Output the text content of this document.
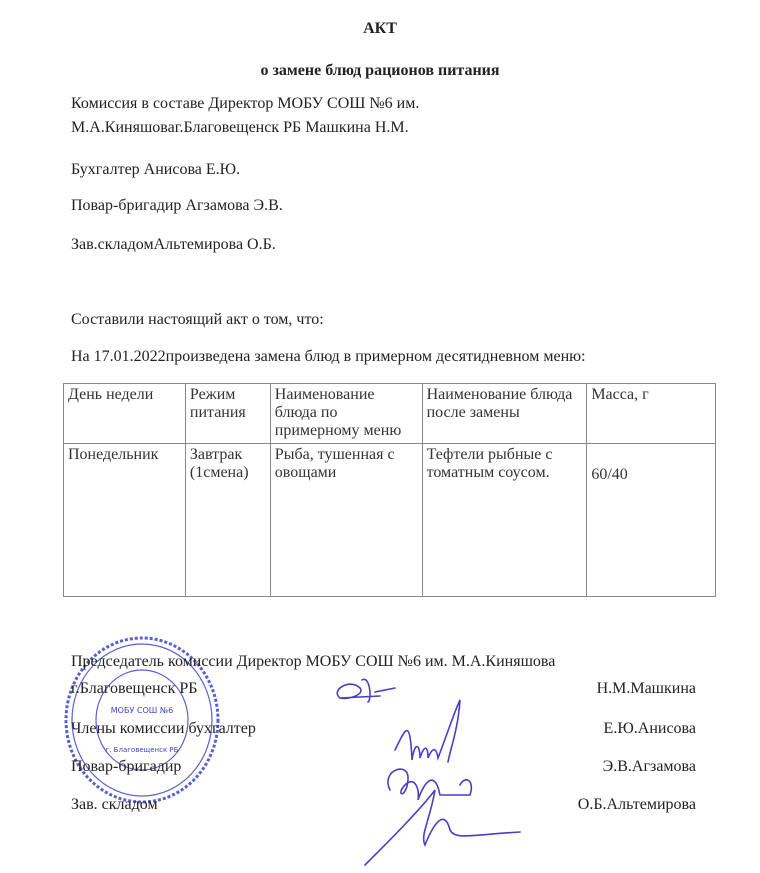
АКТ
о замене блюд рационов питания
Комиссия в составе Директор МОБУ СОШ №6 им.
М.А.Киняшоваг.Благовещенск РБ Машкина Н.М.
Бухгалтер Анисова Е.Ю.
Повар-бригадир Агзамова Э.В.
Зав.складомАльтемирова О.Б.
Составили настоящий акт о том, что:
На 17.01.2022произведена замена блюд в примерном десятидневном меню:
День недели	Режим питания	Наименование блюда по примерному меню	Наименование блюда после замены	Масса, г
Понедельник	Завтрак (1смена)	Рыба, тушенная с овощами	Тефтели рыбные с томатным соусом.	60/40
МОБУ СОШ №6
г. Благовещенск РБ
Председатель комиссии Директор МОБУ СОШ №6 им. М.А.Киняшова
г.Благовещенск РБ	Н.М.Машкина
Члены комиссии бухгалтер	Е.Ю.Анисова
Повар-бригадир	Э.В.Агзамова
Зав. складом	О.Б.Альтемирова
